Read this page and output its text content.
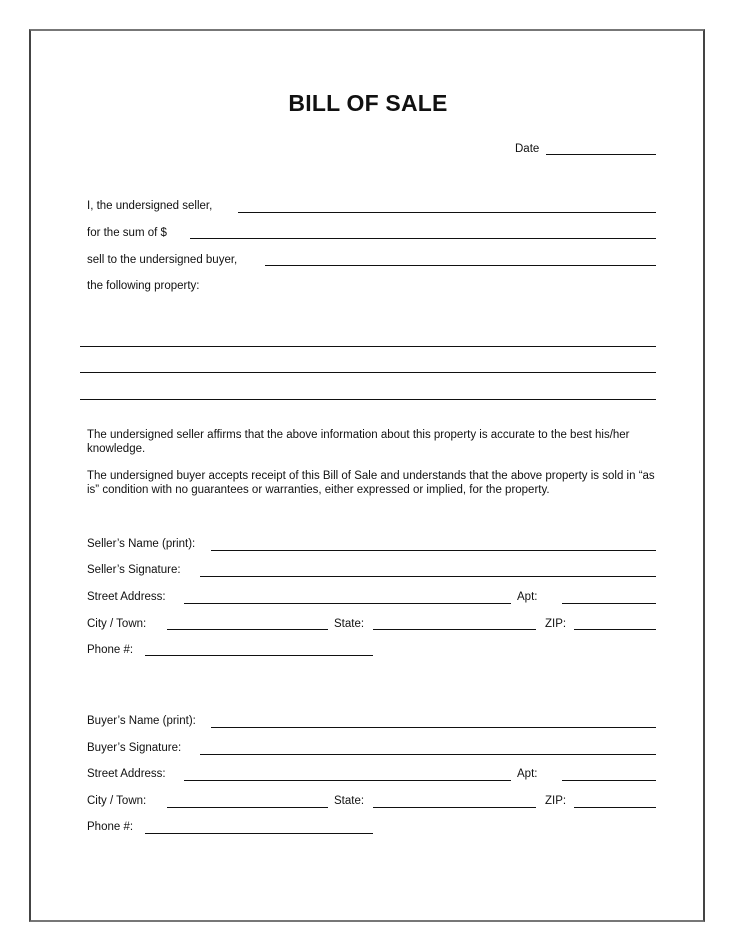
BILL OF SALE
Date
I, the undersigned seller,
for the sum of $
sell to the undersigned buyer,
the following property:
The undersigned seller affirms that the above information about this property is accurate to the best his/her knowledge.
The undersigned buyer accepts receipt of this Bill of Sale and understands that the above property is sold in “as is” condition with no guarantees or warranties, either expressed or implied, for the property.
Seller’s Name (print):
Seller’s Signature:
Street Address:	Apt:
City / Town:	State:	ZIP:
Phone #:
Buyer’s Name (print):
Buyer’s Signature:
Street Address:	Apt:
City / Town:	State:	ZIP:
Phone #:
